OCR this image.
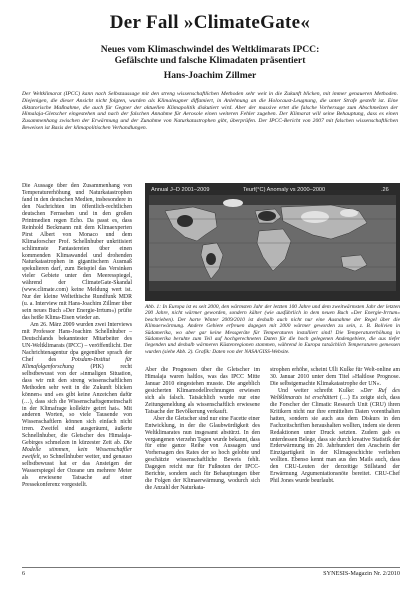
Der Fall »ClimateGate«
Neues vom Klimaschwindel des Weltklimarats IPCC:
Gefälschte und falsche Klimadaten präsentiert
Hans-Joachim Zillmer

Der Weltklimarat (IPCC) kann nach Selbstaussage mit den streng wissenschaftlichen Methoden sehr weit in die Zukunft blicken, mit immer genaueren Methoden. Diejenigen, die dieser Ansicht nicht folgten, wurden als Klimaleugner diffamiert, in Anlehnung an die Holocaust-Leugnung, die unter Strafe gestellt ist. Eine diktatorische Maßnahme, die auch für Gegner der aktuellen Klimapolitik diskutiert wird. Aber der massive ertet die falsche Vorhersage zum Abschmelzen der Himalaja-Gletscher eingestehen und nach der falschen Annahme für Aerosole einen weiteren Fehler zugeben. Der Klimarat will seine Behauptung, dass es einen Zusammenhang zwischen der Erwärmung und der Zunahme von Naturkatastrophen gibt, überprüfen. Der IPCC-Bericht von 2007 mit falschen wissenschaftlichen Beweisen ist Basis der klimapolitischen Verhandlungen.

Die Aussage über den Zusammenhang von Temperaturerhöhung und Naturkatastrophen fand in den deutschen Medien, insbesondere in den Nachrichten im öffentlich-rechtlichen deutschen Fernsehen und in den großen Printmedien regen Echo. Da passt es, dass Reinhold Beckmann mit dem Klimaexperten Pirst Albert von Monaco und dem Klimaforscher Prof. Schellnhuber unkritisiert schlimmste Fantastereien über einen kommenden Klimawandel und drohenden Naturkatastrophen in gigantischem Ausmaß spekulieren darf, zum Beispiel das Versinken vieler Gebiete unter den Meeresspiegel, während der ClimateGate-Skandal (www.climate.com) keine Meldung wert ist. Nur der kleine Weltethische Rundfunk MDR (u. a. Interview mit Hans-Joachim Zillmer über sein neues Buch »Der Energie-Irrtum«) prüfte das heiße Klima-Eisen wieder an.

Am 26. März 2009 wurden zwei Interviews mit Professor Hans-Joachim Schellnhuber – Deutschlands bekanntester Mitarbeiter des UN-Weltklimarats (IPCC) – veröffentlicht. Der Nachrichtenagentur dpa gegenüber sprach der Chef des Potsdam-Institut für Klimafolgenforschung (PIK) recht selbstbewusst von der »inmaligen Situation, dass wir mit den streng wissenschaftlichen Methoden sehr weit in die Zukunft blicken können« und »es gibt keine Anzeichen dafür (…), dass sich die Wissenschaftsgemeinschaft in der Klimafrage kollektiv geirrt hat«. Mit anderen Worten, so viele Tausende von Wissenschaftlern können sich einfach nicht irren. Zweifel sind ausgeräumt, äußerte Schnellnhuber, die Gletscher des Himalaja-Gebirges schmelzen in kürzester Zeit ab. Die Modelle stimmen, kein Wissenschaftler zweifelt, so Schnellnhuber weiter, und genauso selbstbewusst hat er das Ansteigen der Wasserspiegel der Ozeane um mehrere Meter als erwiesene Tatsache auf einer Pressekonferenz vorgestellt.

Annual J–D 2001–2009	Teurf(°C) Anomaly vs 2000–2000	.26

Abb. 1: In Europa ist es seit 2000, den wärmsten Jahr der letzten 100 Jahre und dem zweitwärmsten Jahr der letzten 200 Jahre, nicht wärmer geworden, sondern kälter (wie ausführlich in dem neuen Buch »Der Energie-Irrtum« beschrieben). Der harte Winter 2009/2010 ist deshalb auch nicht nur eine Ausnahme der Regel über die Klimaerwärmung. Andere Gebiete erfreuen dagegen mit 2000 wärmer geworden zu sein, z. B. Bolivien in Südamerika, wo aber gar keine Messgeräte für Temperaturen installiert sind! Die Temperaturerhöhung in Südamerika beruhte zum Teil auf hochgerechneten Daten für die hoch gelegenen Andengebiete, die aus tiefer liegenden und deshalb wärmeren Küstenregionen stammen, während in Europa tatsächlich Temperaturen gemessen wurden (siehe Abb. 2). Grafik: Daten von der NASA/GISS-Website.

Aber die Prognosen über die Gletscher im Himalaja waren haltlos, was das IPCC Mitte Januar 2010 eingestehen musste. Die angeblich gesicherten Klimamodellrechnungen erwiesen sich als falsch. Tatsächlich wurde nur eine Zeitungsmeldung als wissenschaftlich erwiesene Tatsache der Bevölkerung verkauft.

Aber die Gletscher sind nur eine Facette einer Entwicklung, in der die Glaubwürdigkeit des Weltklimarates nun insgesamt abstürzt. In den vergangenen vierzehn Tagen wurde bekannt, dass für eine ganze Reihe von Aussagen und Vorhersagen des Rates der so hoch gelobte und geschätzte wissenschaftliche Beweis fehlt. Dagegen reicht nur für Fußnoten der IPCC-Berichte, sondern auch für Behauptungen über die Folgen der Klimaerwärmung, wodurch sich die Anzahl der Naturkata-

strophen erhöhe, scheint Ulli Kulke für Welt-online am 30. Januar 2010 unter dem Titel »Haltlose Prognose. Die selbstgemachte Klimakatastrophe der UN«.

Und weiter schreibt Kulke: »Der Ruf des Weltklimarats ist erschüttert (…) Es zeigte sich, dass die Forscher der Climatic Research Unit (CRU) ihren Kritikern nicht nur ihre ermittelten Daten vorenthalten hatten, sondern sie auch aus dem Diskurs in den Fachzeitschriften heraushalten wollten, indem sie deren Redaktionen unter Druck setzten. Zudem gab es unterdessen Belege, dass sie durch kreative Statistik der Erderwärmung im 20. Jahrhundert den Anschein der Einzigartigkeit in der Klimageschichte verliehen wollten. Ebenso kennt man aus den Mails auch, dass den CRU-Leuten der derzeitige Stillstand der Erwärmung Argumentationsnöte bereitet. CRU-Chef Phil Jones wurde beurlaubt.

6	SYNESIS-Magazin Nr. 2/2010
